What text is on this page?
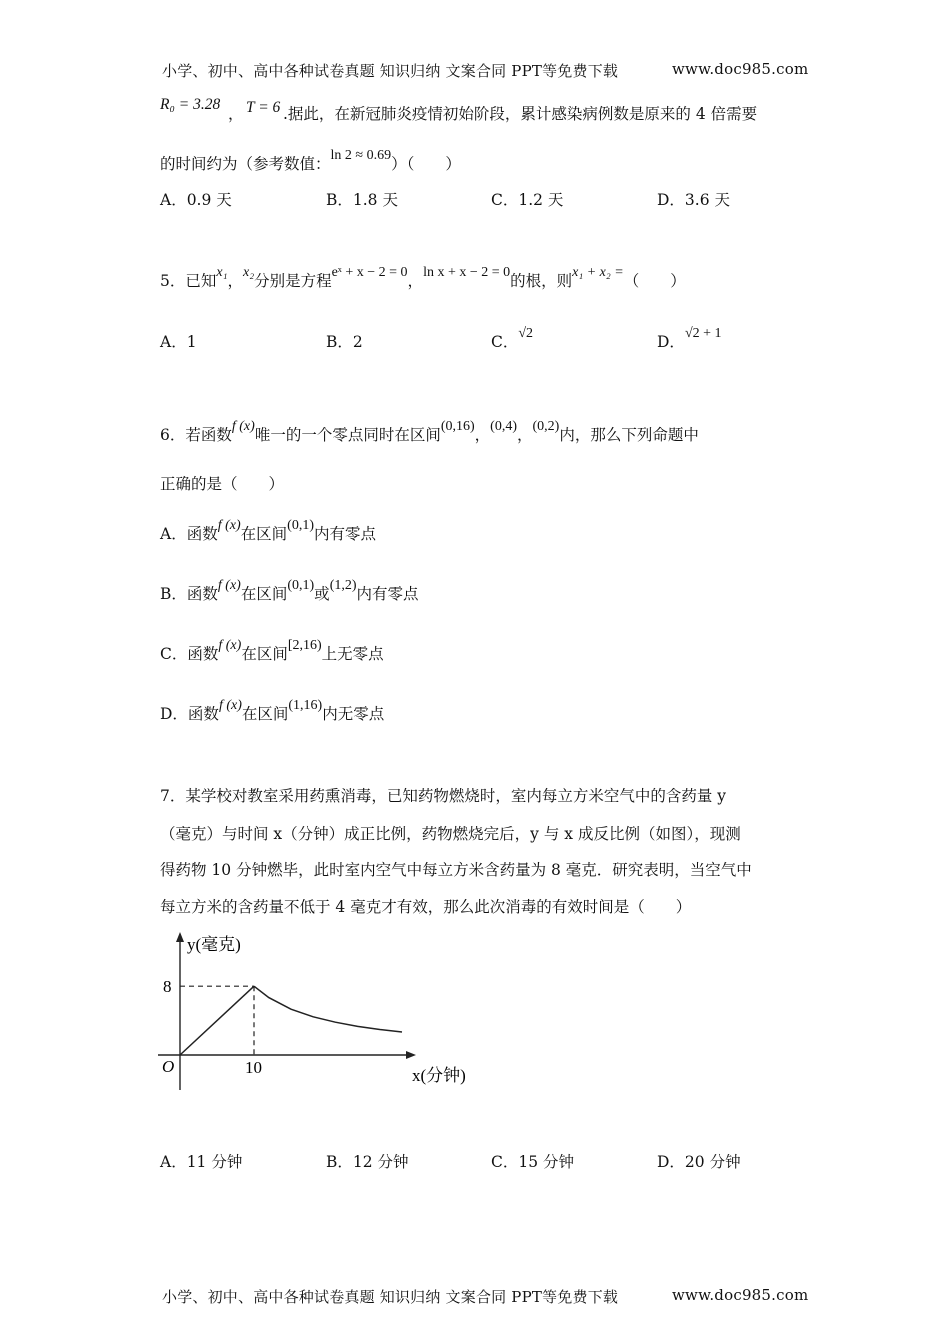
小学、初中、高中各种试卷真题 知识归纳 文案合同 PPT等免费下载	www.doc985.com
R₀ = 3.28
， T = 6 .据此，在新冠肺炎疫情初始阶段，累计感染病例数是原来的 4 倍需要
的时间约为（参考数值：ln 2 ≈ 0.69）（　　）
A．0.9 天	B．1.8 天	C．1.2 天	D．3.6 天
5．已知x₁，x₂分别是方程eˣ + x − 2 = 0，ln x + x − 2 = 0的根，则x₁ + x₂ =（　　）
A．1	B．2	C．√2	D．√2 + 1
6．若函数f (x)唯一的一个零点同时在区间(0,16)，(0,4)，(0,2)内，那么下列命题中
正确的是（　　）
A．函数f (x)在区间(0,1)内有零点
B．函数f (x)在区间(0,1)或(1,2)内有零点
C．函数f (x)在区间[2,16)上无零点
D．函数f (x)在区间(1,16)内无零点
7．某学校对教室采用药熏消毒，已知药物燃烧时，室内每立方米空气中的含药量 y
（毫克）与时间 x（分钟）成正比例，药物燃烧完后，y 与 x 成反比例（如图），现测
得药物 10 分钟燃毕，此时室内空气中每立方米含药量为 8 毫克．研究表明，当空气中
每立方米的含药量不低于 4 毫克才有效，那么此次消毒的有效时间是（　　）
y(毫克)
x(分钟)
O
8
10
A．11 分钟	B．12 分钟	C．15 分钟	D．20 分钟
小学、初中、高中各种试卷真题 知识归纳 文案合同 PPT等免费下载	www.doc985.com
